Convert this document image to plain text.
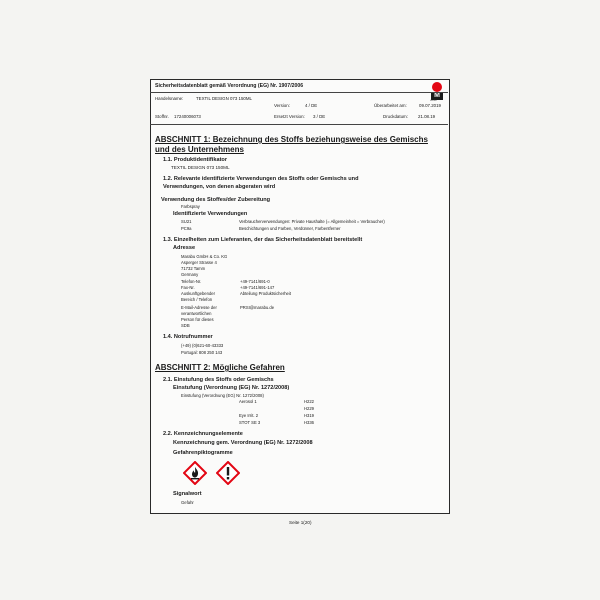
Sicherheitsdatenblatt gemäß Verordnung (EG) Nr. 1907/2006
M
Marabu
Handelsname:	TEXTIL DESIGN 073 150ML
Version:	4 / DE	Überarbeitet am:	09.07.2019
Stoffnr. 17240006073	Ersetzt Version: 3 / DE	Druckdatum: 21.08.19
ABSCHNITT 1: Bezeichnung des Stoffs beziehungsweise des Gemischs
und des Unternehmens
1.1. Produktidentifikator
TEXTIL DESIGN 073 150ML
1.2. Relevante identifizierte Verwendungen des Stoffs oder Gemischs und
Verwendungen, von denen abgeraten wird
Verwendung des Stoffes/der Zubereitung
Farbspray
Identifizierte Verwendungen
SU21	Verbraucherverwendungen: Private Haushalte (= Allgemeinheit = Verbraucher)
PC9a	Beschichtungen und Farben, Verdünner, Farbentferner
1.3. Einzelheiten zum Lieferanten, der das Sicherheitsdatenblatt bereitstellt
Adresse
Marabu GmbH & Co. KG
Asperger Strasse 4
71732 Tamm
Germany
Telefon-Nr.	+49-7141/691-0
Fax-Nr.	+49-7141/691-147
Auskunftgebender	Abteilung Produktsicherheit
Bereich / Telefon
E-Mail-Adresse der	PRSI@marabu.de
verantwortlichen
Person für dieses
SDB
1.4. Notrufnummer
(+49) (0)621-60-43333
Portugal: 808 250 143
ABSCHNITT 2: Mögliche Gefahren
2.1. Einstufung des Stoffs oder Gemischs
Einstufung (Verordnung (EG) Nr. 1272/2008)
Einstufung (Verordnung (EG) Nr. 1272/2008)
Aerosol 1	H222
H229
Eye Irrit. 2	H319
STOT SE 3	H336
2.2. Kennzeichnungselemente
Kennzeichnung gem. Verordnung (EG) Nr. 1272/2008
Gefahrenpiktogramme
Signalwort
Gefahr
Seite 1(20)
